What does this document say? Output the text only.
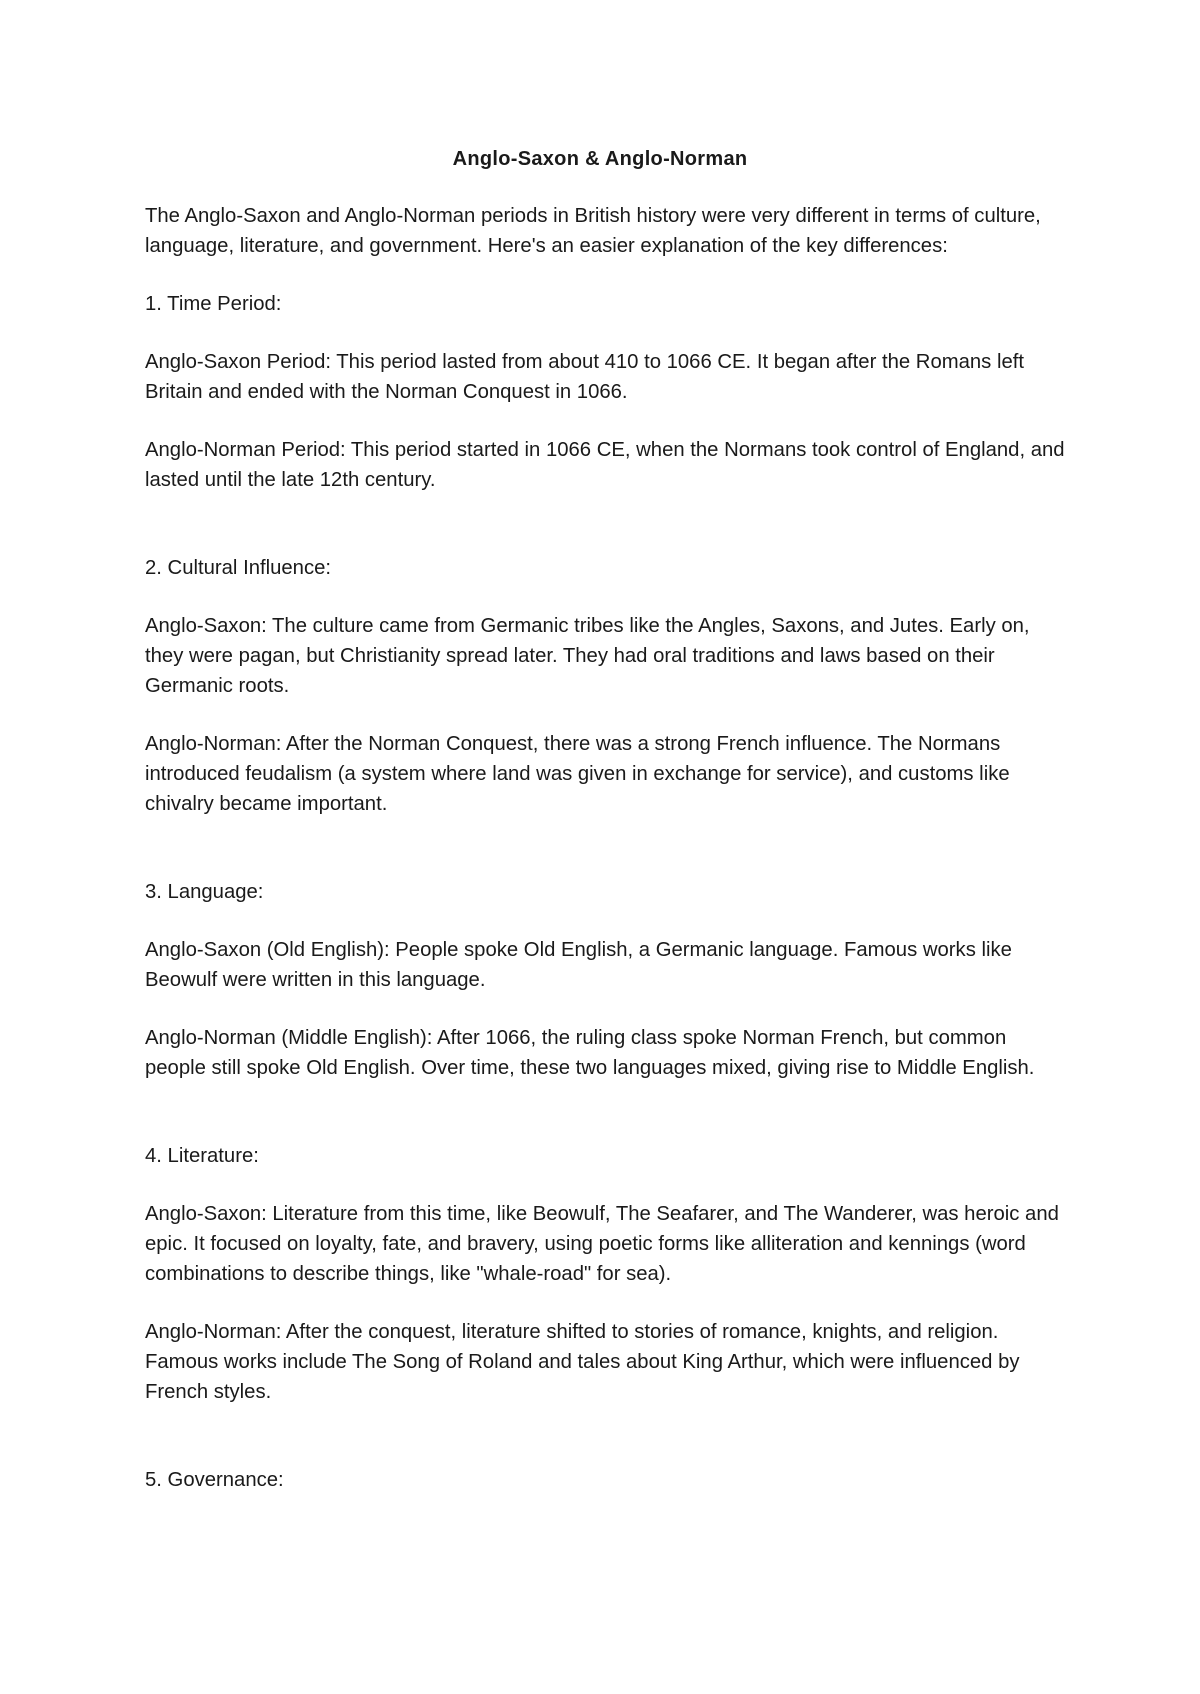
Anglo-Saxon & Anglo-Norman

The Anglo-Saxon and Anglo-Norman periods in British history were very different in terms of culture, language, literature, and government. Here's an easier explanation of the key differences:

1. Time Period:

Anglo-Saxon Period: This period lasted from about 410 to 1066 CE. It began after the Romans left Britain and ended with the Norman Conquest in 1066.

Anglo-Norman Period: This period started in 1066 CE, when the Normans took control of England, and lasted until the late 12th century.

2. Cultural Influence:

Anglo-Saxon: The culture came from Germanic tribes like the Angles, Saxons, and Jutes. Early on, they were pagan, but Christianity spread later. They had oral traditions and laws based on their Germanic roots.

Anglo-Norman: After the Norman Conquest, there was a strong French influence. The Normans introduced feudalism (a system where land was given in exchange for service), and customs like chivalry became important.

3. Language:

Anglo-Saxon (Old English): People spoke Old English, a Germanic language. Famous works like Beowulf were written in this language.

Anglo-Norman (Middle English): After 1066, the ruling class spoke Norman French, but common people still spoke Old English. Over time, these two languages mixed, giving rise to Middle English.

4. Literature:

Anglo-Saxon: Literature from this time, like Beowulf, The Seafarer, and The Wanderer, was heroic and epic. It focused on loyalty, fate, and bravery, using poetic forms like alliteration and kennings (word combinations to describe things, like "whale-road" for sea).

Anglo-Norman: After the conquest, literature shifted to stories of romance, knights, and religion. Famous works include The Song of Roland and tales about King Arthur, which were influenced by French styles.

5. Governance:
